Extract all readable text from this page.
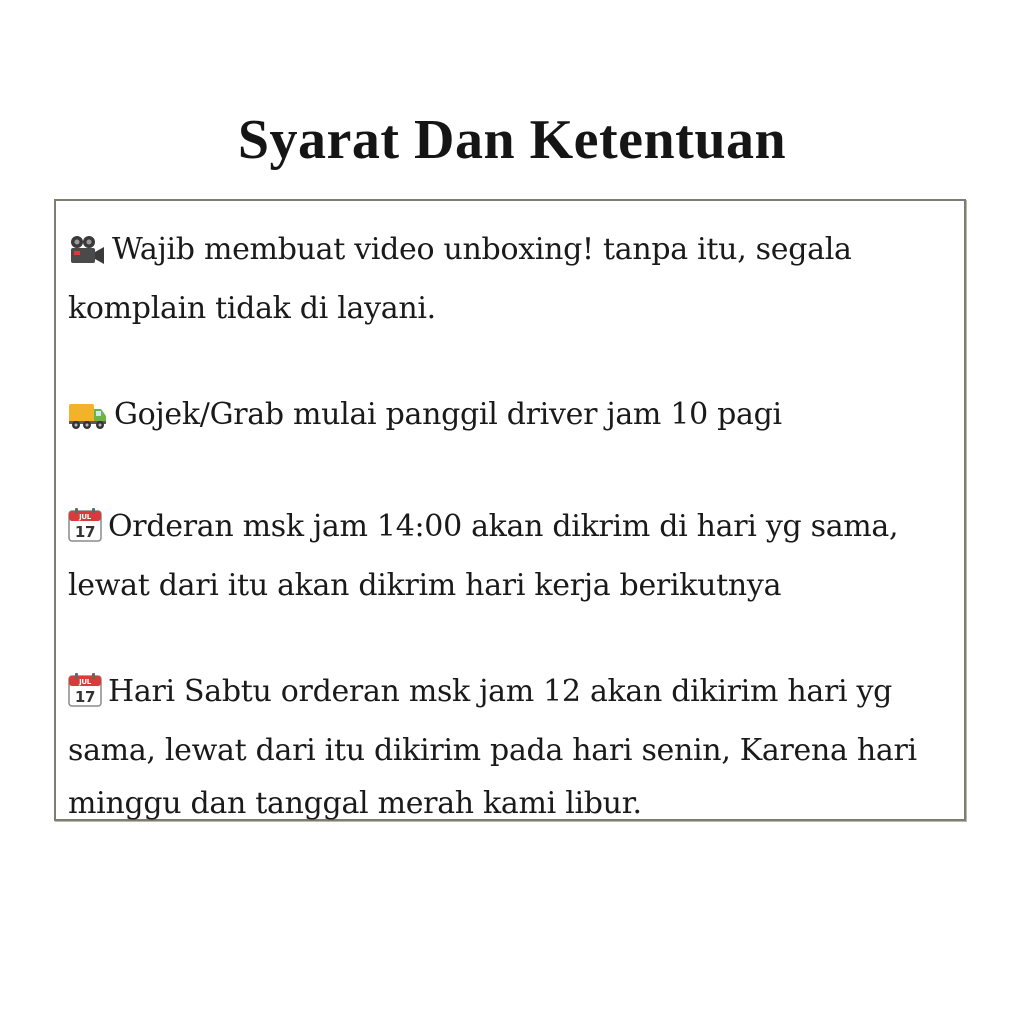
Syarat Dan Ketentuan
Wajib membuat video unboxing! tanpa itu, segala komplain tidak di layani.
Gojek/Grab mulai panggil driver jam 10 pagi
JUL
17 Orderan msk jam 14:00 akan dikrim di hari yg sama, lewat dari itu akan dikrim hari kerja berikutnya
JUL
17 Hari Sabtu orderan msk jam 12 akan dikirim hari yg sama, lewat dari itu dikirim pada hari senin, Karena hari minggu dan tanggal merah kami libur.
